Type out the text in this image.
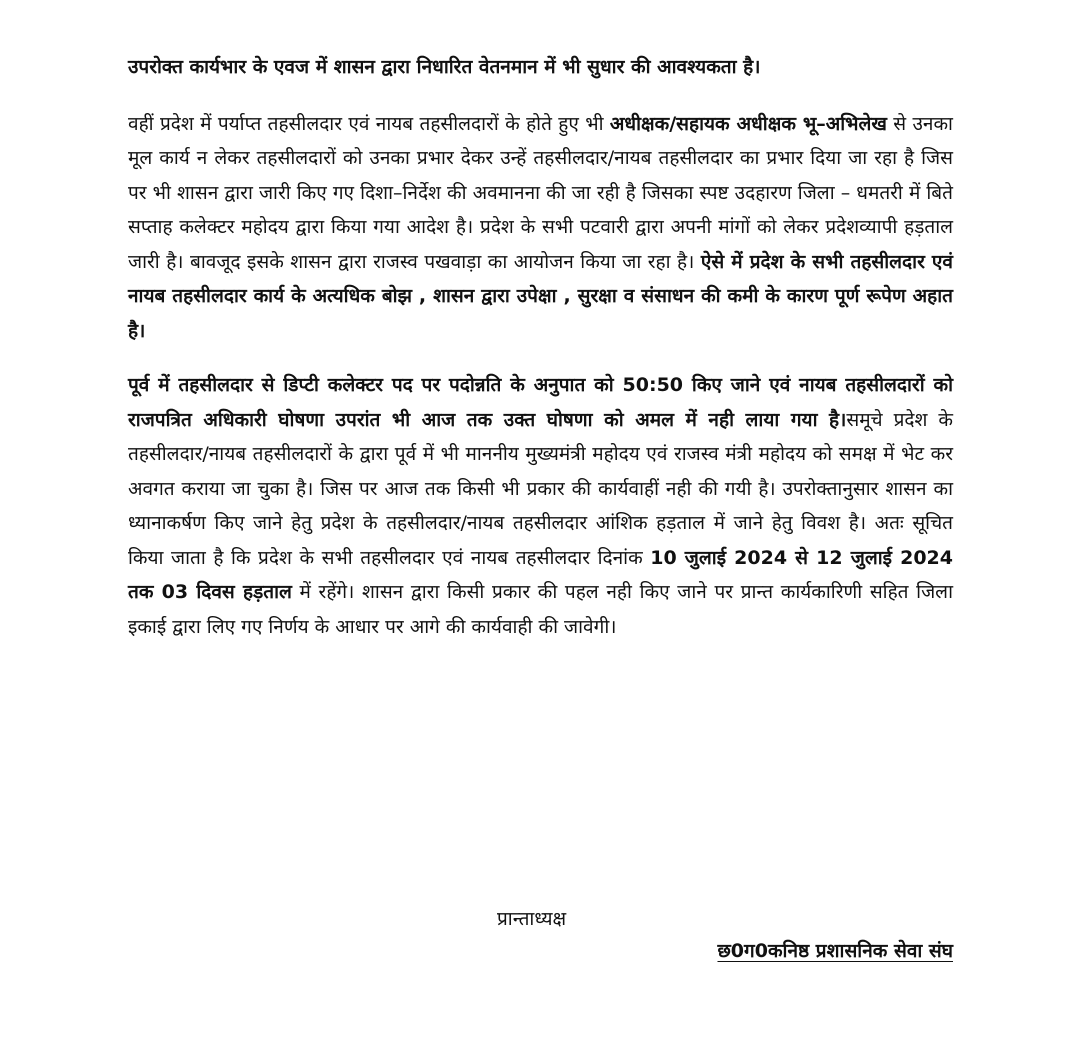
उपरोक्त कार्यभार के एवज में शासन द्वारा निधारित वेतनमान में भी सुधार की आवश्यकता है।

वहीं प्रदेश में पर्याप्त तहसीलदार एवं नायब तहसीलदारों के होते हुए भी अधीक्षक/सहायक अधीक्षक भू–अभिलेख से उनका मूल कार्य न लेकर तहसीलदारों को उनका प्रभार देकर उन्हें तहसीलदार/नायब तहसीलदार का प्रभार दिया जा रहा है जिस पर भी शासन द्वारा जारी किए गए दिशा–निर्देश की अवमानना की जा रही है जिसका स्पष्ट उदहारण जिला – धमतरी में बिते सप्ताह कलेक्टर महोदय द्वारा किया गया आदेश है। प्रदेश के सभी पटवारी द्वारा अपनी मांगों को लेकर प्रदेशव्यापी हड़ताल जारी है। बावजूद इसके शासन द्वारा राजस्व पखवाड़ा का आयोजन किया जा रहा है। ऐसे में प्रदेश के सभी तहसीलदार एवं नायब तहसीलदार कार्य के अत्यधिक बोझ , शासन द्वारा उपेक्षा , सुरक्षा व संसाधन की कमी के कारण पूर्ण रूपेण अहात है।

पूर्व में तहसीलदार से डिप्टी कलेक्टर पद पर पदोन्नति के अनुपात को 50:50 किए जाने एवं नायब तहसीलदारों को राजपत्रित अधिकारी घोषणा उपरांत भी आज तक उक्त घोषणा को अमल में नही लाया गया है।समूचे प्रदेश के तहसीलदार/नायब तहसीलदारों के द्वारा पूर्व में भी माननीय मुख्यमंत्री महोदय एवं राजस्व मंत्री महोदय को समक्ष में भेट कर अवगत कराया जा चुका है। जिस पर आज तक किसी भी प्रकार की कार्यवाहीं नही की गयी है। उपरोक्तानुसार शासन का ध्यानाकर्षण किए जाने हेतु प्रदेश के तहसीलदार/नायब तहसीलदार आंशिक हड़ताल में जाने हेतु विवश है। अतः सूचित किया जाता है कि प्रदेश के सभी तहसीलदार एवं नायब तहसीलदार दिनांक 10 जुलाई 2024 से 12 जुलाई 2024 तक 03 दिवस हड़ताल में रहेंगे। शासन द्वारा किसी प्रकार की पहल नही किए जाने पर प्रान्त कार्यकारिणी सहित जिला इकाई द्वारा लिए गए निर्णय के आधार पर आगे की कार्यवाही की जावेगी।

प्रान्ताध्यक्ष
छ0ग0कनिष्ठ प्रशासनिक सेवा संघ
